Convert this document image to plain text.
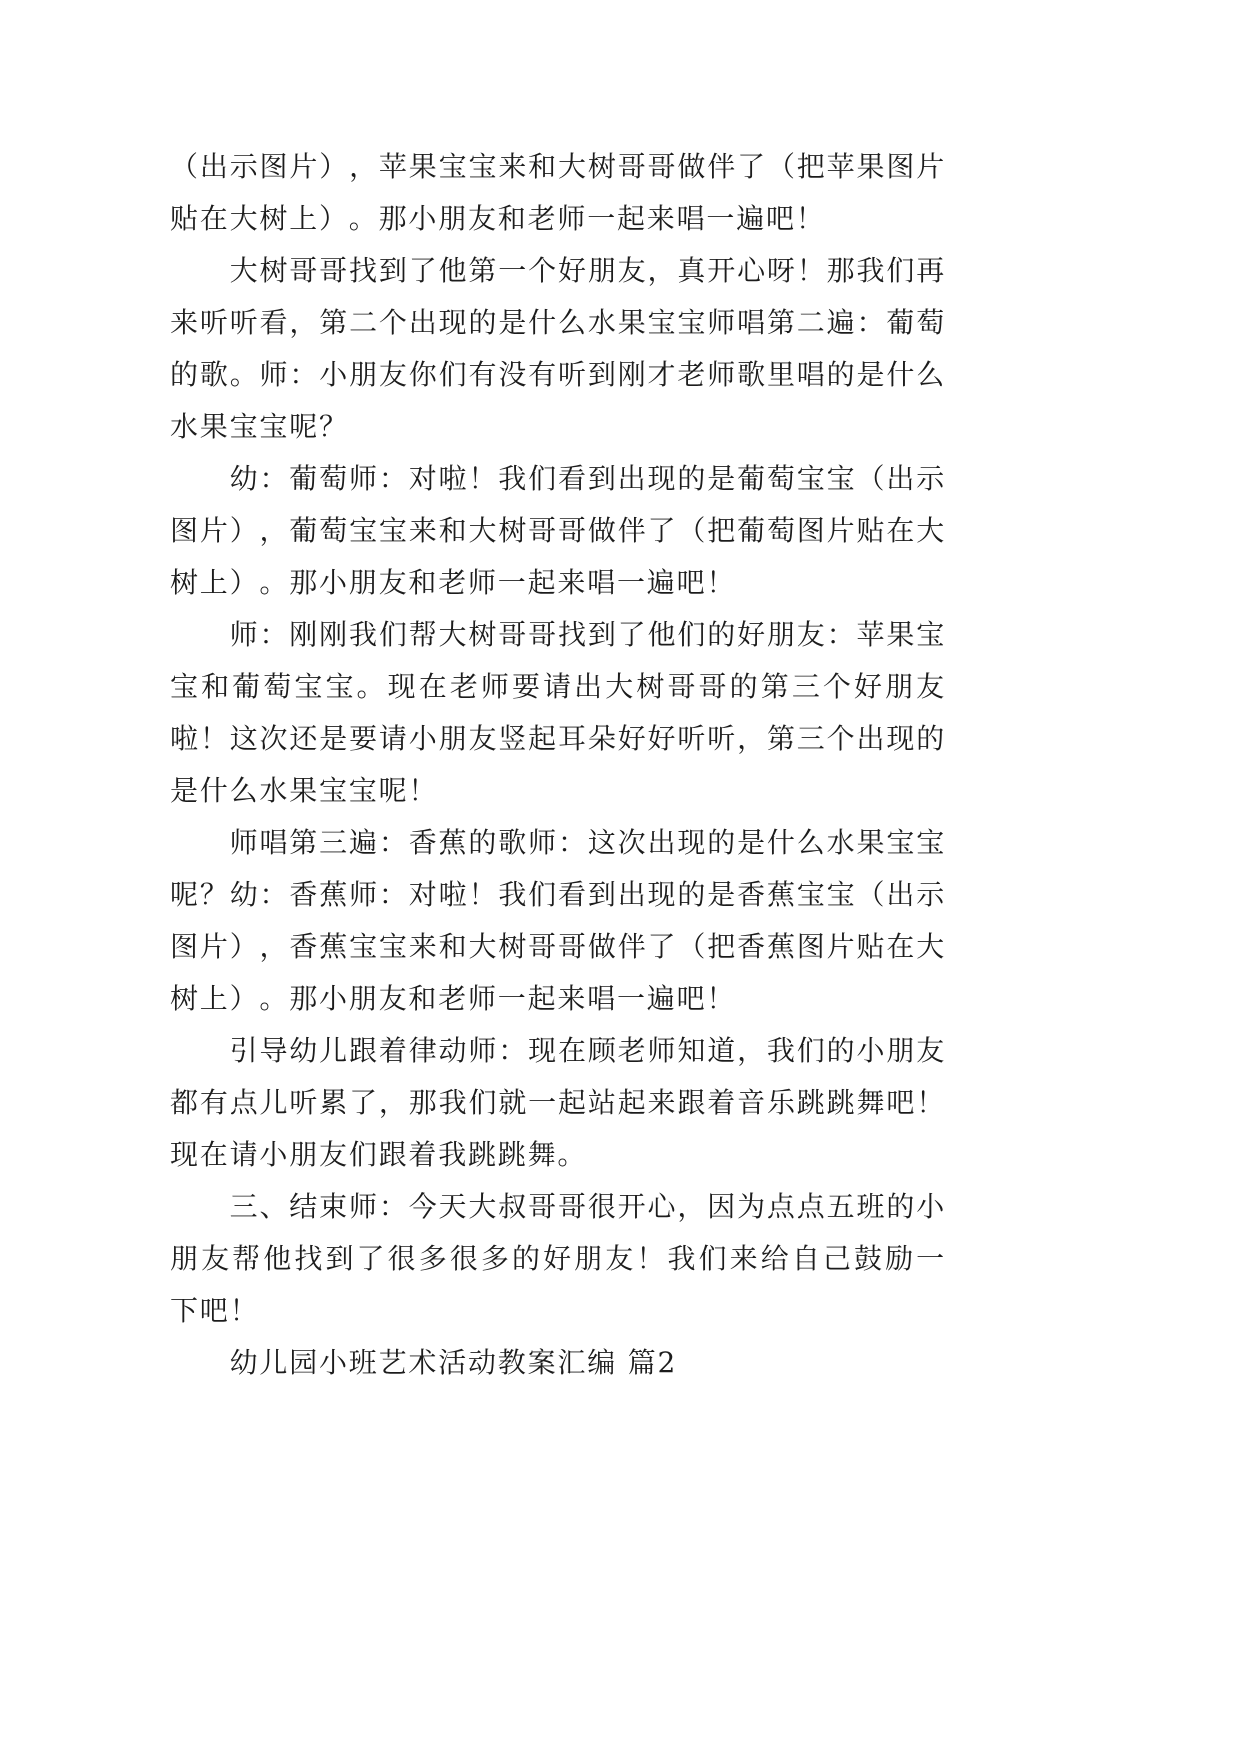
（出示图片），苹果宝宝来和大树哥哥做伴了（把苹果图片
贴在大树上）。那小朋友和老师一起来唱一遍吧！
大树哥哥找到了他第一个好朋友，真开心呀！那我们再
来听听看，第二个出现的是什么水果宝宝师唱第二遍：葡萄
的歌。师：小朋友你们有没有听到刚才老师歌里唱的是什么
水果宝宝呢？
幼：葡萄师：对啦！我们看到出现的是葡萄宝宝（出示
图片），葡萄宝宝来和大树哥哥做伴了（把葡萄图片贴在大
树上）。那小朋友和老师一起来唱一遍吧！
师：刚刚我们帮大树哥哥找到了他们的好朋友：苹果宝
宝和葡萄宝宝。现在老师要请出大树哥哥的第三个好朋友
啦！这次还是要请小朋友竖起耳朵好好听听，第三个出现的
是什么水果宝宝呢！
师唱第三遍：香蕉的歌师：这次出现的是什么水果宝宝
呢？幼：香蕉师：对啦！我们看到出现的是香蕉宝宝（出示
图片），香蕉宝宝来和大树哥哥做伴了（把香蕉图片贴在大
树上）。那小朋友和老师一起来唱一遍吧！
引导幼儿跟着律动师：现在顾老师知道，我们的小朋友
都有点儿听累了，那我们就一起站起来跟着音乐跳跳舞吧！
现在请小朋友们跟着我跳跳舞。
三、结束师：今天大叔哥哥很开心，因为点点五班的小
朋友帮他找到了很多很多的好朋友！我们来给自己鼓励一
下吧！
幼儿园小班艺术活动教案汇编 篇2
